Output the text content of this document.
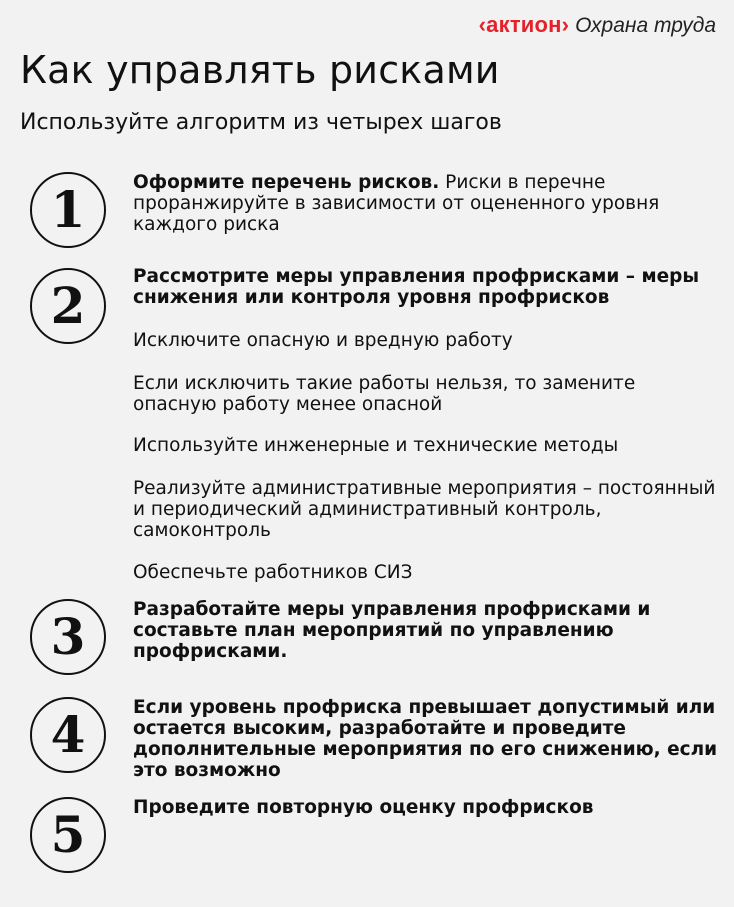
‹актион› Охрана труда
Как управлять рисками
Используйте алгоритм из четырех шагов
1	Оформите перечень рисков. Риски в перечне проранжируйте в зависимости от оцененного уровня каждого риска
2	Рассмотрите меры управления профрисками – меры снижения или контроля уровня профрисков
Исключите опасную и вредную работу
Если исключить такие работы нельзя, то замените опасную работу менее опасной
Используйте инженерные и технические методы
Реализуйте административные мероприятия – постоянный и периодический административный контроль, самоконтроль
Обеспечьте работников СИЗ
3	Разработайте меры управления профрисками и составьте план мероприятий по управлению профрисками.
4	Если уровень профриска превышает допустимый или остается высоким, разработайте и проведите дополнительные мероприятия по его снижению, если это возможно
5	Проведите повторную оценку профрисков
